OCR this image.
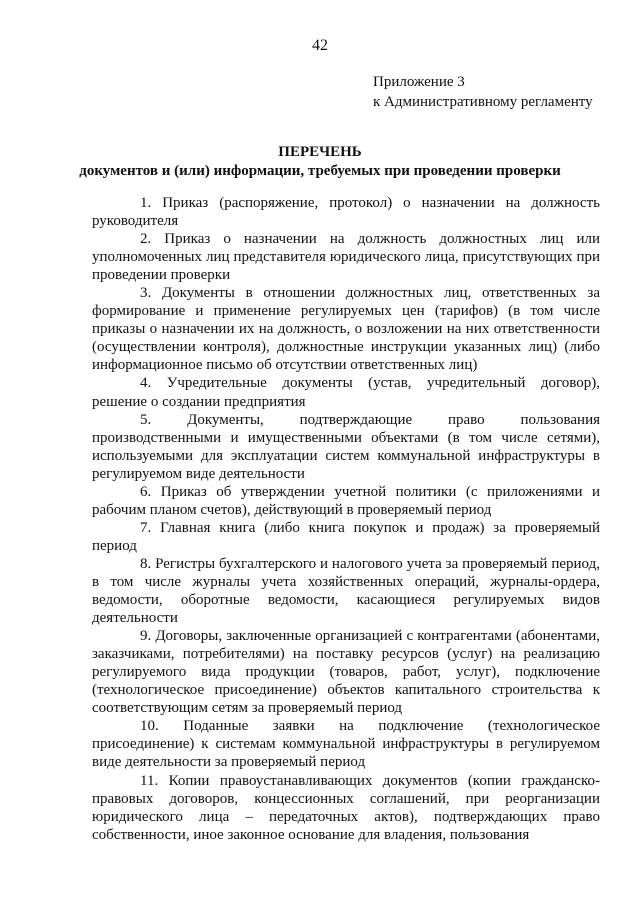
42
Приложение 3
к Административному регламенту
ПЕРЕЧЕНЬ
документов и (или) информации, требуемых при проведении проверки

1. Приказ (распоряжение, протокол) о назначении на должность руководителя

2. Приказ о назначении на должность должностных лиц или уполномоченных лиц представителя юридического лица, присутствующих при проведении проверки

3. Документы в отношении должностных лиц, ответственных за формирование и применение регулируемых цен (тарифов) (в том числе приказы о назначении их на должность, о возложении на них ответственности (осуществлении контроля), должностные инструкции указанных лиц) (либо информационное письмо об отсутствии ответственных лиц)

4. Учредительные документы (устав, учредительный договор), решение о создании предприятия

5. Документы, подтверждающие право пользования производственными и имущественными объектами (в том числе сетями), используемыми для эксплуатации систем коммунальной инфраструктуры в регулируемом виде деятельности

6. Приказ об утверждении учетной политики (с приложениями и рабочим планом счетов), действующий в проверяемый период

7. Главная книга (либо книга покупок и продаж) за проверяемый период

8. Регистры бухгалтерского и налогового учета за проверяемый период, в том числе журналы учета хозяйственных операций, журналы-ордера, ведомости, оборотные ведомости, касающиеся регулируемых видов деятельности

9. Договоры, заключенные организацией с контрагентами (абонентами, заказчиками, потребителями) на поставку ресурсов (услуг) на реализацию регулируемого вида продукции (товаров, работ, услуг), подключение (технологическое присоединение) объектов капитального строительства к соответствующим сетям за проверяемый период

10. Поданные заявки на подключение (технологическое присоединение) к системам коммунальной инфраструктуры в регулируемом виде деятельности за проверяемый период

11. Копии правоустанавливающих документов (копии гражданско-правовых договоров, концессионных соглашений, при реорганизации юридического лица – передаточных актов), подтверждающих право собственности, иное законное основание для владения, пользования
